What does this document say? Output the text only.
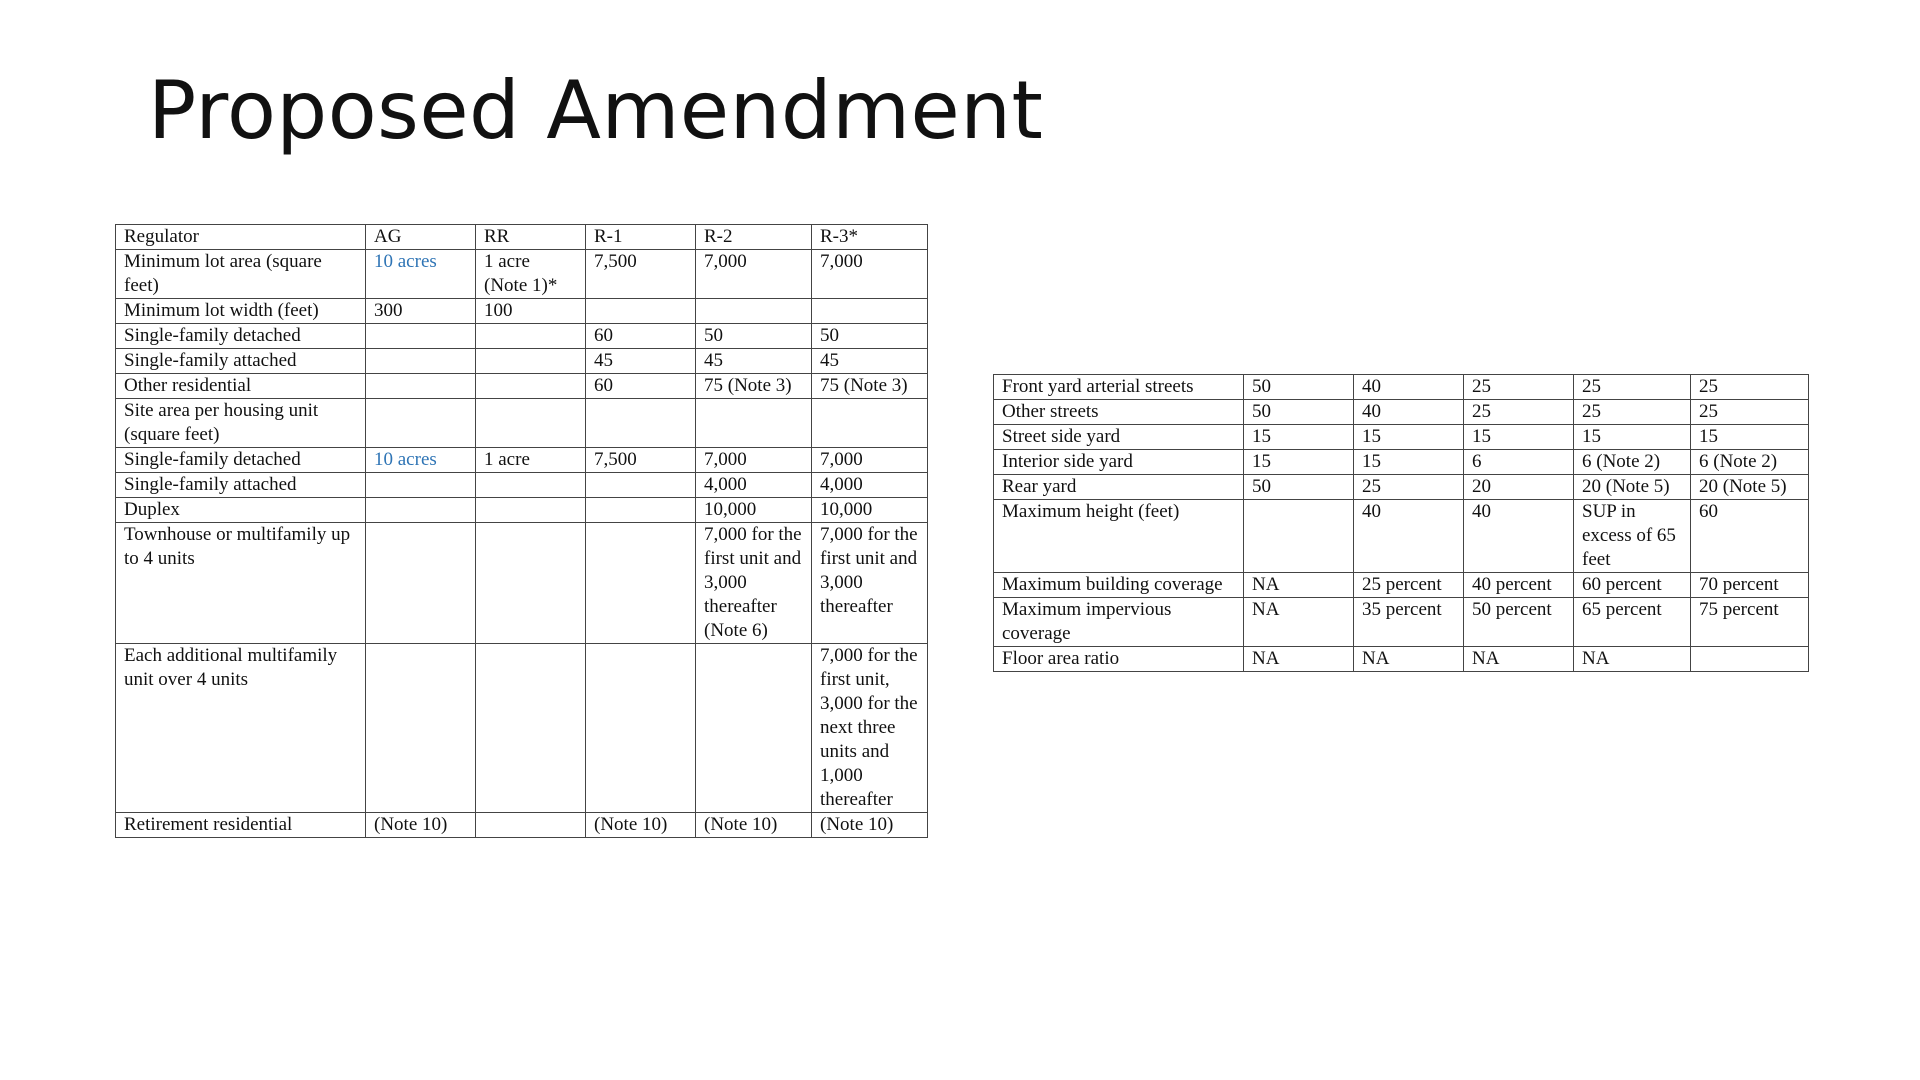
Proposed Amendment
Regulator	AG	RR	R-1	R-2	R-3*
Minimum lot area (square feet)	10 acres	1 acre (Note 1)*	7,500	7,000	7,000
Minimum lot width (feet)	300	100			
Single-family detached			60	50	50
Single-family attached			45	45	45
Other residential			60	75 (Note 3)	75 (Note 3)
Site area per housing unit (square feet)					
Single-family detached	10 acres	1 acre	7,500	7,000	7,000
Single-family attached				4,000	4,000
Duplex				10,000	10,000
Townhouse or multifamily up to 4 units				7,000 for the first unit and 3,000 thereafter (Note 6)	7,000 for the first unit and 3,000 thereafter
Each additional multifamily unit over 4 units					7,000 for the first unit, 3,000 for the next three units and 1,000 thereafter
Retirement residential	(Note 10)		(Note 10)	(Note 10)	(Note 10)
Front yard arterial streets	50	40	25	25	25
Other streets	50	40	25	25	25
Street side yard	15	15	15	15	15
Interior side yard	15	15	6	6 (Note 2)	6 (Note 2)
Rear yard	50	25	20	20 (Note 5)	20 (Note 5)
Maximum height (feet)		40	40	SUP in excess of 65 feet	60
Maximum building coverage	NA	25 percent	40 percent	60 percent	70 percent
Maximum impervious coverage	NA	35 percent	50 percent	65 percent	75 percent
Floor area ratio	NA	NA	NA	NA	
